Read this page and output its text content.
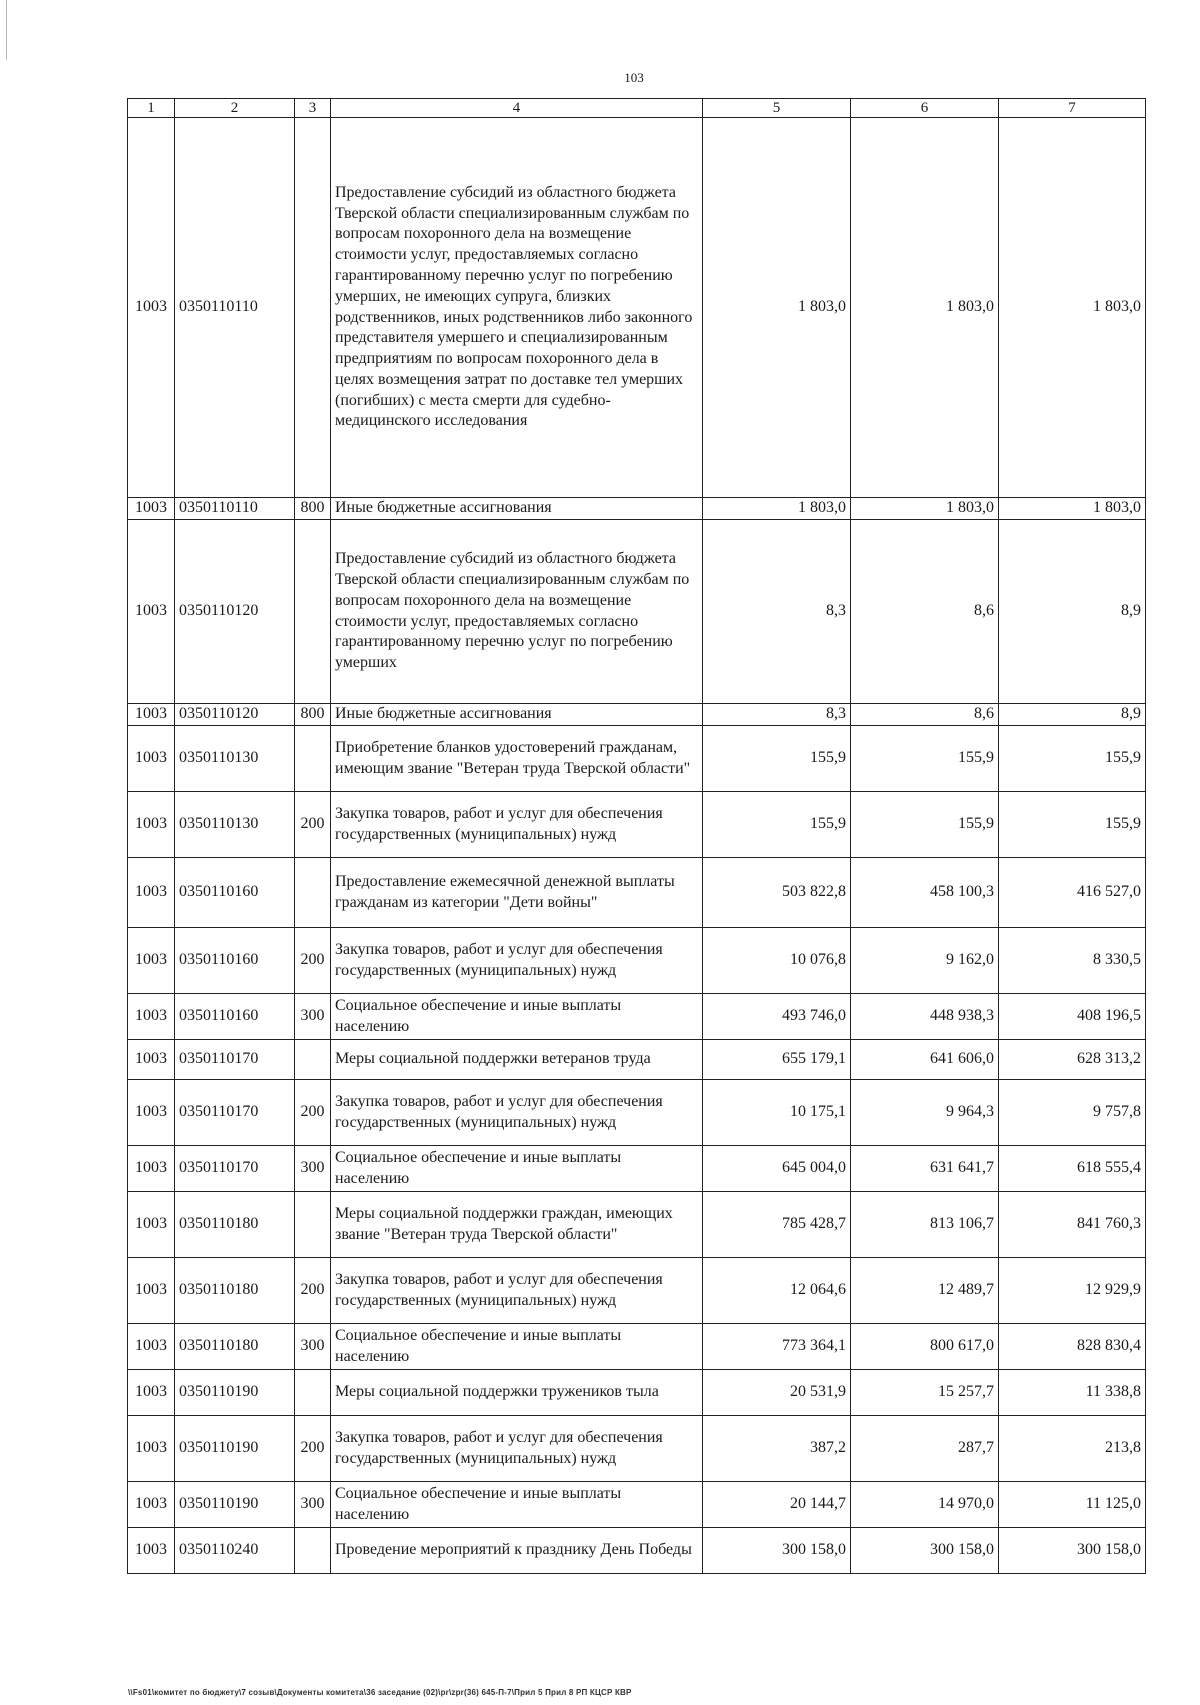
103
1	2	3	4	5	6	7
1003	0350110110		Предоставление субсидий из областного бюджета Тверской области специализированным службам по вопросам похоронного дела на возмещение стоимости услуг, предоставляемых согласно гарантированному перечню услуг по погребению умерших, не имеющих супруга, близких родственников, иных родственников либо законного представителя умершего и специализированным предприятиям по вопросам похоронного дела в целях возмещения затрат по доставке тел умерших (погибших) с места смерти для судебно-медицинского исследования	1 803,0	1 803,0	1 803,0
1003	0350110110	800	Иные бюджетные ассигнования	1 803,0	1 803,0	1 803,0
1003	0350110120		Предоставление субсидий из областного бюджета Тверской области специализированным службам по вопросам похоронного дела на возмещение стоимости услуг, предоставляемых согласно гарантированному перечню услуг по погребению умерших	8,3	8,6	8,9
1003	0350110120	800	Иные бюджетные ассигнования	8,3	8,6	8,9
1003	0350110130		Приобретение бланков удостоверений гражданам, имеющим звание "Ветеран труда Тверской области"	155,9	155,9	155,9
1003	0350110130	200	Закупка товаров, работ и услуг для обеспечения государственных (муниципальных) нужд	155,9	155,9	155,9
1003	0350110160		Предоставление ежемесячной денежной выплаты гражданам из категории "Дети войны"	503 822,8	458 100,3	416 527,0
1003	0350110160	200	Закупка товаров, работ и услуг для обеспечения государственных (муниципальных) нужд	10 076,8	9 162,0	8 330,5
1003	0350110160	300	Социальное обеспечение и иные выплаты населению	493 746,0	448 938,3	408 196,5
1003	0350110170		Меры социальной поддержки ветеранов труда	655 179,1	641 606,0	628 313,2
1003	0350110170	200	Закупка товаров, работ и услуг для обеспечения государственных (муниципальных) нужд	10 175,1	9 964,3	9 757,8
1003	0350110170	300	Социальное обеспечение и иные выплаты населению	645 004,0	631 641,7	618 555,4
1003	0350110180		Меры социальной поддержки граждан, имеющих звание "Ветеран труда Тверской области"	785 428,7	813 106,7	841 760,3
1003	0350110180	200	Закупка товаров, работ и услуг для обеспечения государственных (муниципальных) нужд	12 064,6	12 489,7	12 929,9
1003	0350110180	300	Социальное обеспечение и иные выплаты населению	773 364,1	800 617,0	828 830,4
1003	0350110190		Меры социальной поддержки тружеников тыла	20 531,9	15 257,7	11 338,8
1003	0350110190	200	Закупка товаров, работ и услуг для обеспечения государственных (муниципальных) нужд	387,2	287,7	213,8
1003	0350110190	300	Социальное обеспечение и иные выплаты населению	20 144,7	14 970,0	11 125,0
1003	0350110240		Проведение мероприятий к празднику День Победы	300 158,0	300 158,0	300 158,0
\\Fs01\комитет по бюджету\7 созыв\Документы комитета\36 заседание (02)\pr\zpr(36) 645-П-7\Прил 5 Прил 8 РП КЦСР КВР
